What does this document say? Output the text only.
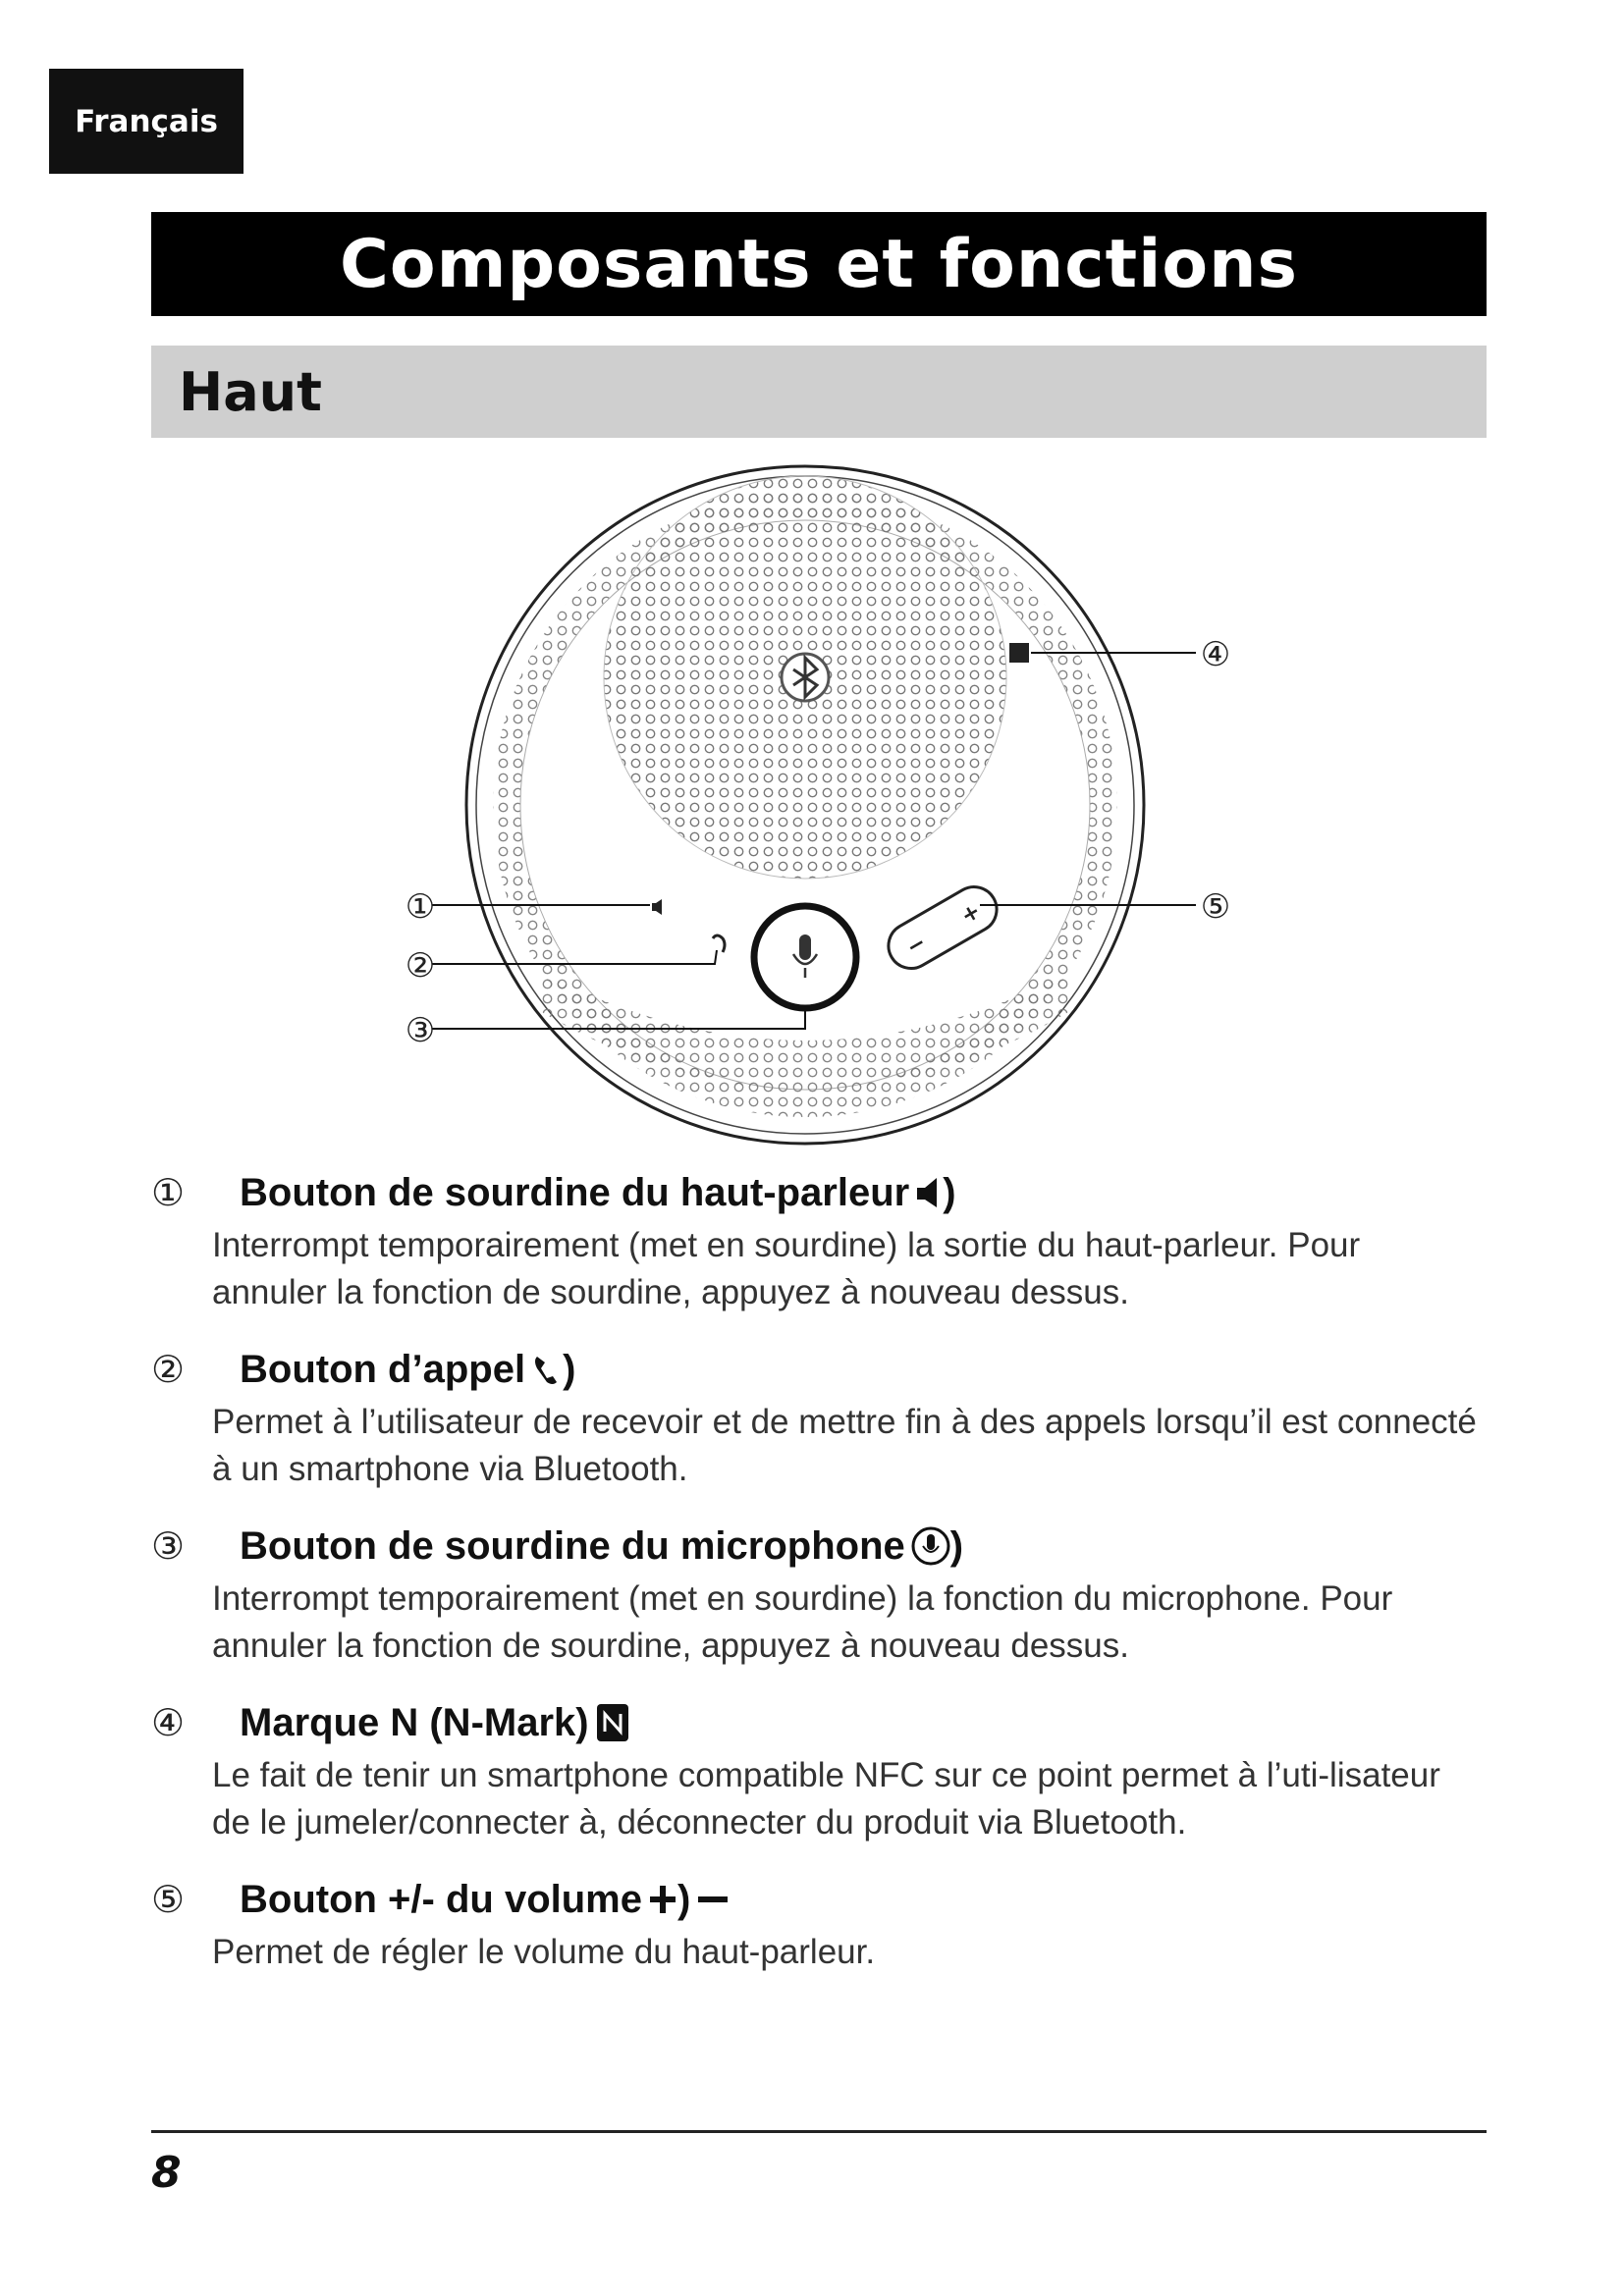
Français
Composants et fonctions
Haut
−
+
①
②
③
④
⑤
①	Bouton de sourdine du haut-parleur )
Interrompt temporairement (met en sourdine) la sortie du haut-parleur. Pour annuler la fonction de sourdine, appuyez à nouveau dessus.
②	Bouton d’appel )
Permet à l’utilisateur de recevoir et de mettre fin à des appels lorsqu’il est connecté à un smartphone via Bluetooth.
③	Bouton de sourdine du microphone )
Interrompt temporairement (met en sourdine) la fonction du microphone. Pour annuler la fonction de sourdine, appuyez à nouveau dessus.
④	Marque N (N-Mark)
Le fait de tenir un smartphone compatible NFC sur ce point permet à l’uti-lisateur de le jumeler/connecter à, déconnecter du produit via Bluetooth.
⑤	Bouton +/- du volume )
Permet de régler le volume du haut-parleur.
8
